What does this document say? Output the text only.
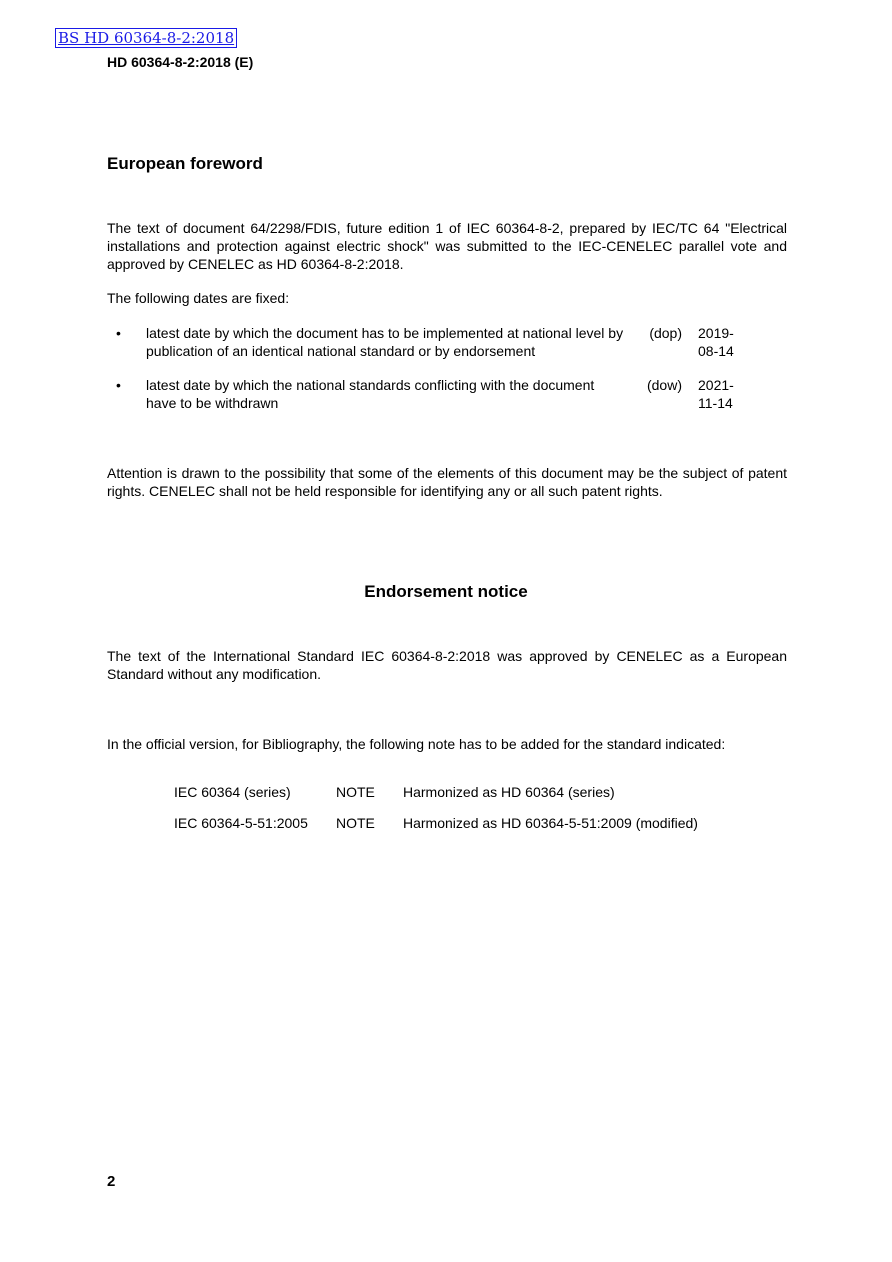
BS HD 60364-8-2:2018
HD 60364-8-2:2018 (E)
European foreword

The text of document 64/2298/FDIS, future edition 1 of IEC 60364-8-2, prepared by IEC/TC 64 "Electrical installations and protection against electric shock" was submitted to the IEC-CENELEC parallel vote and approved by CENELEC as HD 60364-8-2:2018.

The following dates are fixed:

• latest date by which the document has to be implemented at national level by publication of an identical national standard or by endorsement
(dop) 2019-08-14
• latest date by which the national standards conflicting with the document have to be withdrawn
(dow) 2021-11-14

Attention is drawn to the possibility that some of the elements of this document may be the subject of patent rights. CENELEC shall not be held responsible for identifying any or all such patent rights.

Endorsement notice

The text of the International Standard IEC 60364-8-2:2018 was approved by CENELEC as a European Standard without any modification.

In the official version, for Bibliography, the following note has to be added for the standard indicated:

IEC 60364 (series)	NOTE Harmonized as HD 60364 (series)
IEC 60364-5-51:2005 NOTE Harmonized as HD 60364-5-51:2009 (modified)
2
